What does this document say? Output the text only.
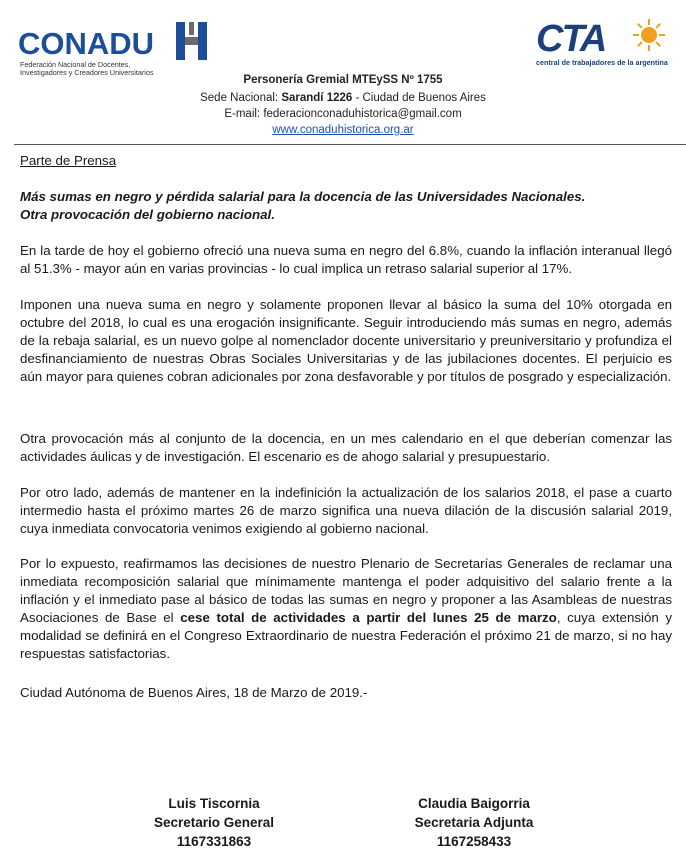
CONADU
Federación Nacional de Docentes,
Investigadores y Creadores Universitarios
CTA
central de trabajadores de la argentina
Personería Gremial MTEySS Nº 1755
Sede Nacional: Sarandí 1226 - Ciudad de Buenos Aires
E-mail: federacionconaduhistorica@gmail.com
www.conaduhistorica.org.ar
Parte de Prensa
Más sumas en negro y pérdida salarial para la docencia de las Universidades Nacionales.
Otra provocación del gobierno nacional.
En la tarde de hoy el gobierno ofreció una nueva suma en negro del 6.8%, cuando la inflación interanual llegó al 51.3% - mayor aún en varias provincias - lo cual implica un retraso salarial superior al 17%.
Imponen una nueva suma en negro y solamente proponen llevar al básico la suma del 10% otorgada en octubre del 2018, lo cual es una erogación insignificante. Seguir introduciendo más sumas en negro, además de la rebaja salarial, es un nuevo golpe al nomenclador docente universitario y preuniversitario y profundiza el desfinanciamiento de nuestras Obras Sociales Universitarias y de las jubilaciones docentes. El perjuicio es aún mayor para quienes cobran adicionales por zona desfavorable y por títulos de posgrado y especialización.
Otra provocación más al conjunto de la docencia, en un mes calendario en el que deberían comenzar las actividades áulicas y de investigación. El escenario es de ahogo salarial y presupuestario.
Por otro lado, además de mantener en la indefinición la actualización de los salarios 2018, el pase a cuarto intermedio hasta el próximo martes 26 de marzo significa una nueva dilación de la discusión salarial 2019, cuya inmediata convocatoria venimos exigiendo al gobierno nacional.
Por lo expuesto, reafirmamos las decisiones de nuestro Plenario de Secretarías Generales de reclamar una inmediata recomposición salarial que mínimamente mantenga el poder adquisitivo del salario frente a la inflación y el inmediato pase al básico de todas las sumas en negro y proponer a las Asambleas de nuestras Asociaciones de Base el cese total de actividades a partir del lunes 25 de marzo, cuya extensión y modalidad se definirá en el Congreso Extraordinario de nuestra Federación el próximo 21 de marzo, si no hay respuestas satisfactorias.
Ciudad Autónoma de Buenos Aires, 18 de Marzo de 2019.-
Luis Tiscornia
Secretario General
1167331863
Claudia Baigorria
Secretaria Adjunta
1167258433
